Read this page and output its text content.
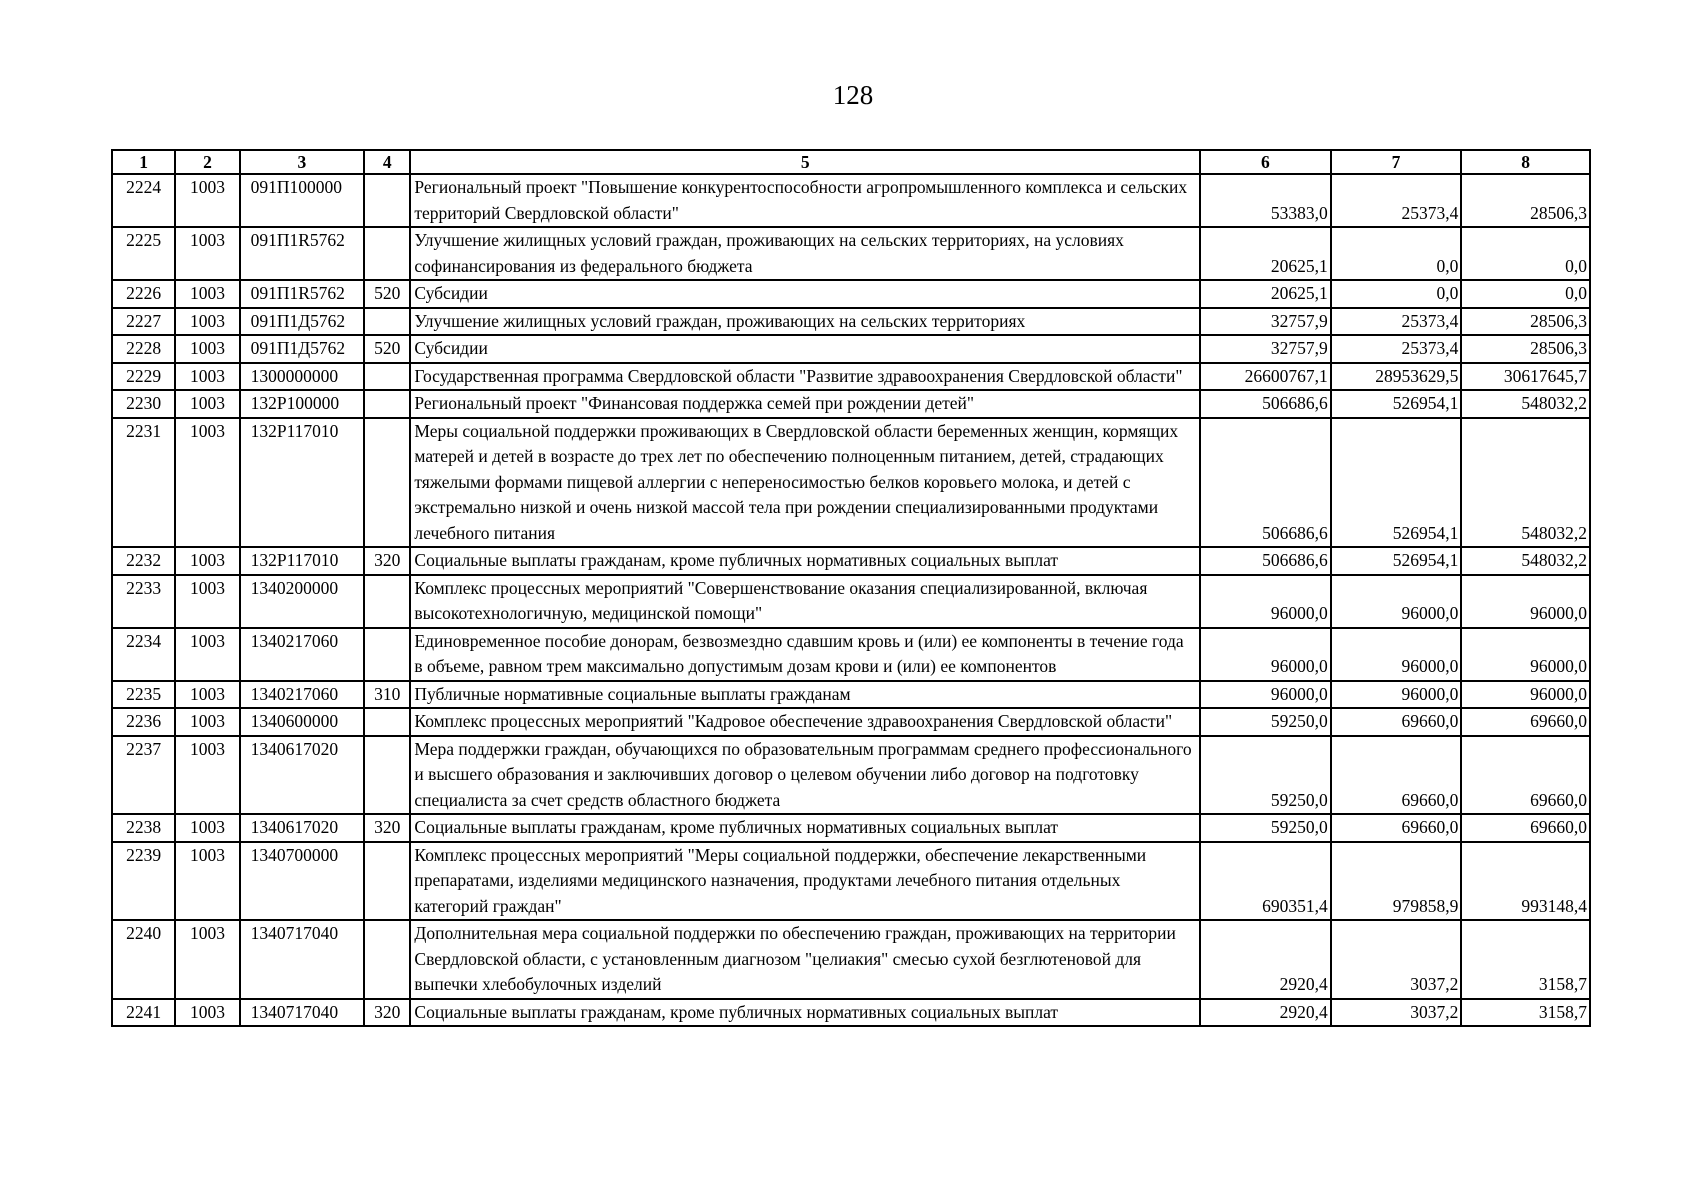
128
1	2	3	4	5	6	7	8
2224	1003	091П100000		Региональный проект "Повышение конкурентоспособности агропромышленного комплекса и сельских территорий Свердловской области"	53383,0	25373,4	28506,3
2225	1003	091П1R5762		Улучшение жилищных условий граждан, проживающих на сельских территориях, на условиях софинансирования из федерального бюджета	20625,1	0,0	0,0
2226	1003	091П1R5762	520	Субсидии	20625,1	0,0	0,0
2227	1003	091П1Д5762		Улучшение жилищных условий граждан, проживающих на сельских территориях	32757,9	25373,4	28506,3
2228	1003	091П1Д5762	520	Субсидии	32757,9	25373,4	28506,3
2229	1003	1300000000		Государственная программа Свердловской области "Развитие здравоохранения Свердловской области"	26600767,1	28953629,5	30617645,7
2230	1003	132Р100000		Региональный проект "Финансовая поддержка семей при рождении детей"	506686,6	526954,1	548032,2
2231	1003	132Р117010		Меры социальной поддержки проживающих в Свердловской области беременных женщин, кормящих матерей и детей в возрасте до трех лет по обеспечению полноценным питанием, детей, страдающих тяжелыми формами пищевой аллергии с непереносимостью белков коровьего молока, и детей с экстремально низкой и очень низкой массой тела при рождении специализированными продуктами лечебного питания	506686,6	526954,1	548032,2
2232	1003	132Р117010	320	Социальные выплаты гражданам, кроме публичных нормативных социальных выплат	506686,6	526954,1	548032,2
2233	1003	1340200000		Комплекс процессных мероприятий "Совершенствование оказания специализированной, включая высокотехнологичную, медицинской помощи"	96000,0	96000,0	96000,0
2234	1003	1340217060		Единовременное пособие донорам, безвозмездно сдавшим кровь и (или) ее компоненты в течение года в объеме, равном трем максимально допустимым дозам крови и (или) ее компонентов	96000,0	96000,0	96000,0
2235	1003	1340217060	310	Публичные нормативные социальные выплаты гражданам	96000,0	96000,0	96000,0
2236	1003	1340600000		Комплекс процессных мероприятий "Кадровое обеспечение здравоохранения Свердловской области"	59250,0	69660,0	69660,0
2237	1003	1340617020		Мера поддержки граждан, обучающихся по образовательным программам среднего профессионального и высшего образования и заключивших договор о целевом обучении либо договор на подготовку специалиста за счет средств областного бюджета	59250,0	69660,0	69660,0
2238	1003	1340617020	320	Социальные выплаты гражданам, кроме публичных нормативных социальных выплат	59250,0	69660,0	69660,0
2239	1003	1340700000		Комплекс процессных мероприятий "Меры социальной поддержки, обеспечение лекарственными препаратами, изделиями медицинского назначения, продуктами лечебного питания отдельных категорий граждан"	690351,4	979858,9	993148,4
2240	1003	1340717040		Дополнительная мера социальной поддержки по обеспечению граждан, проживающих на территории Свердловской области, с установленным диагнозом "целиакия" смесью сухой безглютеновой для выпечки хлебобулочных изделий	2920,4	3037,2	3158,7
2241	1003	1340717040	320	Социальные выплаты гражданам, кроме публичных нормативных социальных выплат	2920,4	3037,2	3158,7
